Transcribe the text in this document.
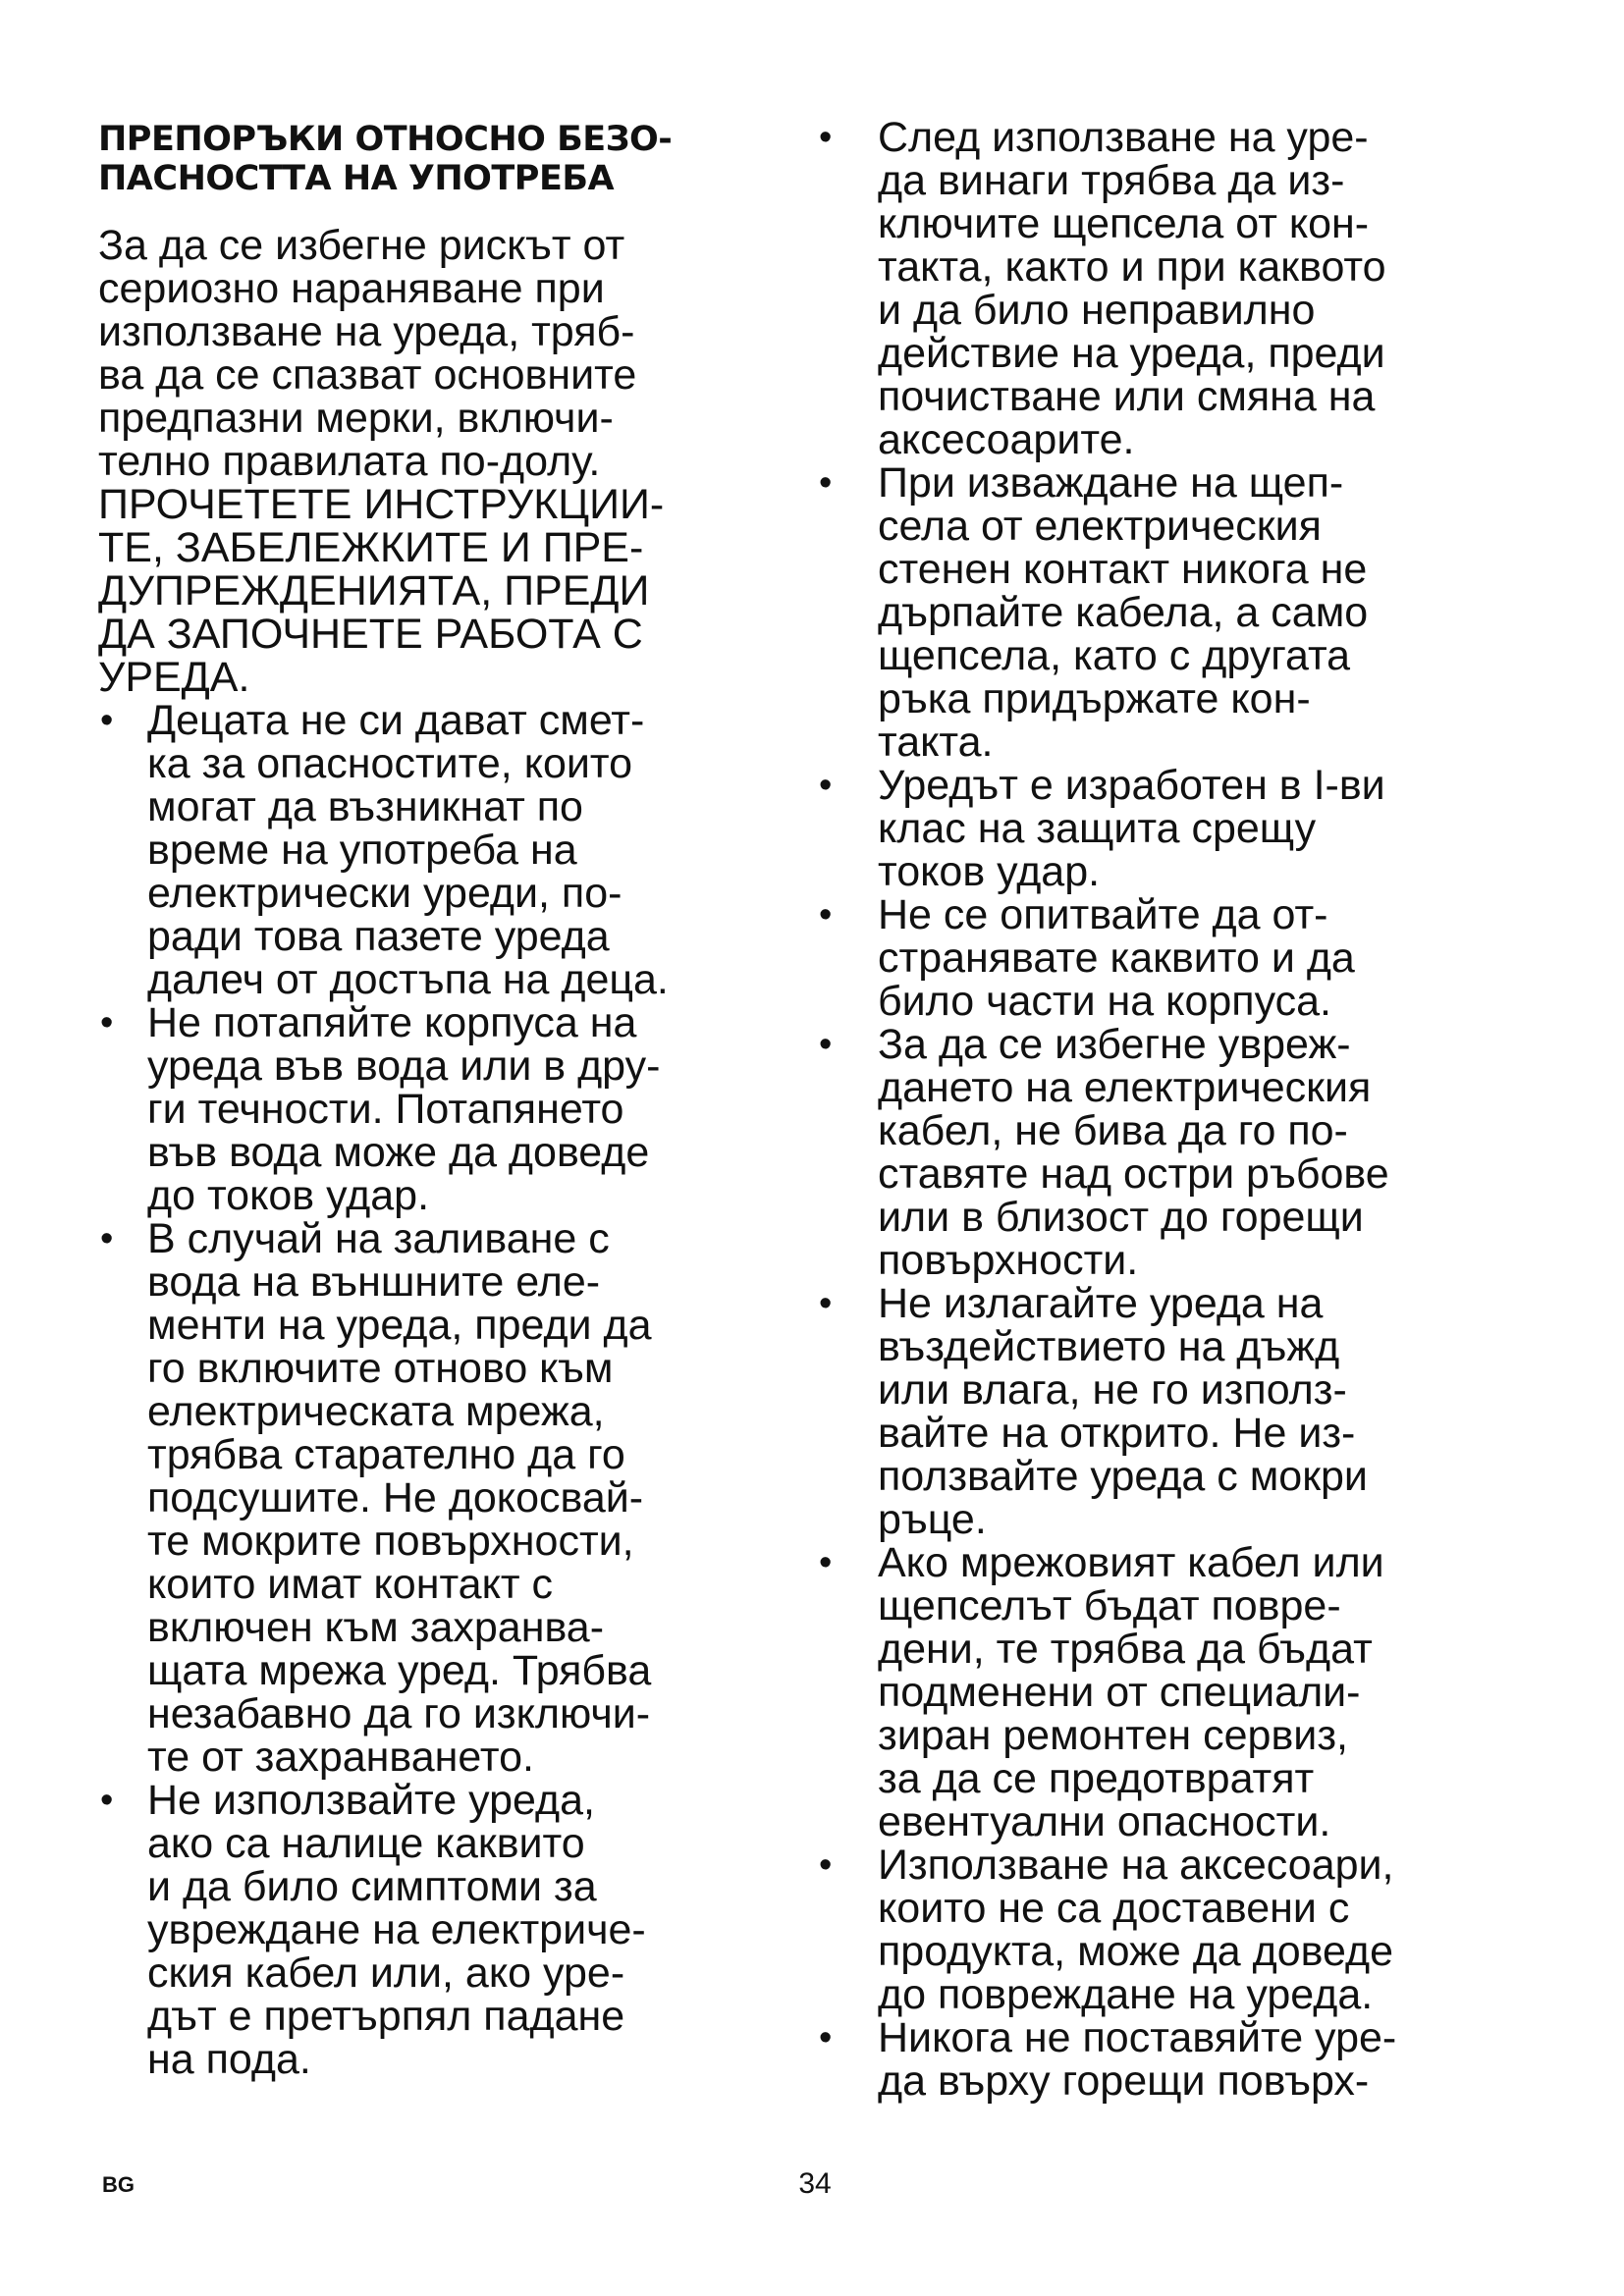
ПРЕПОРЪКИ ОТНОСНО БЕЗО-
ПАСНОСТТА НА УПОТРЕБА

За да се избегне рискът от
сериозно нараняване при
използване на уреда, тряб-
ва да се спазват основните
предпазни мерки, включи-
телно правилата по-долу.
ПРОЧЕТЕТЕ ИНСТРУКЦИИ-
ТЕ, ЗАБЕЛЕЖКИТЕ И ПРЕ-
ДУПРЕЖДЕНИЯТА, ПРЕДИ
ДА ЗАПОЧНЕТЕ РАБОТА С
УРЕДА.

• Децата не си дават смет-
ка за опасностите, които
могат да възникнат по
време на употреба на
електрически уреди, по-
ради това пазете уреда
далеч от достъпа на деца.
• Не потапяйте корпуса на
уреда във вода или в дру-
ги течности. Потапянето
във вода може да доведе
до токов удар.
• В случай на заливане с
вода на външните еле-
менти на уреда, преди да
го включите отново към
електрическата мрежа,
трябва старателно да го
подсушите. Не докосвай-
те мокрите повърхности,
които имат контакт с
включен към захранва-
щата мрежа уред. Трябва
незабавно да го изключи-
те от захранването.
• Не използвайте уреда,
ако са налице каквито
и да било симптоми за
увреждане на електриче-
ския кабел или, ако уре-
дът е претърпял падане
на пода.
•	След използване на уре-
да винаги трябва да из-
ключите щепсела от кон-
такта, както и при каквото
и да било неправилно
действие на уреда, преди
почистване или смяна на
аксесоарите.
•	При изваждане на щеп-
села от електрическия
стенен контакт никога не
дърпайте кабела, а само
щепсела, като с другата
ръка придържате кон-
такта.
•	Уредът е изработен в I-ви
клас на защита срещу
токов удар.
•	Не се опитвайте да от-
странявате каквито и да
било части на корпуса.
•	За да се избегне увреж-
дането на електрическия
кабел, не бива да го по-
ставяте над остри ръбове
или в близост до горещи
повърхности.
•	Не излагайте уреда на
въздействието на дъжд
или влага, не го използ-
вайте на открито. Не из-
ползвайте уреда с мокри
ръце.
•	Ако мрежовият кабел или
щепселът бъдат повре-
дени, те трябва да бъдат
подменени от специали-
зиран ремонтен сервиз,
за да се предотвратят
евентуални опасности.
•	Използване на аксесоари,
които не са доставени с
продукта, може да доведе
до повреждане на уреда.
•	Никога не поставяйте уре-
да върху горещи повърх-
BG	34
